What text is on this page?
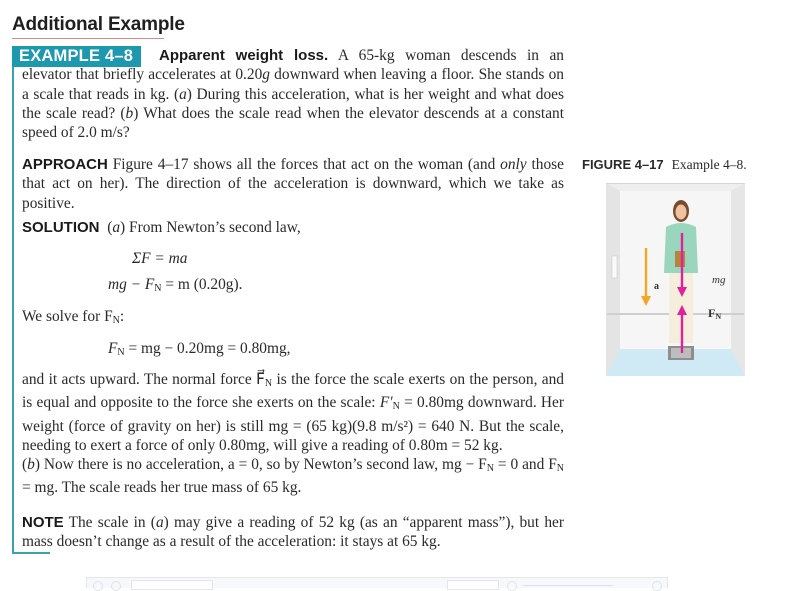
Additional Example
EXAMPLE 4–8	Apparent weight loss. A 65-kg woman descends in an elevator that briefly accelerates at 0.20g downward when leaving a floor. She stands on a scale that reads in kg. (a) During this acceleration, what is her weight and what does the scale read? (b) What does the scale read when the elevator descends at a constant speed of 2.0 m/s?

APPROACH Figure 4–17 shows all the forces that act on the woman (and only those that act on her). The direction of the acceleration is downward, which we take as positive.

SOLUTION  (a) From Newton’s second law,

ΣF = ma
mg − $F_N = m$ (0.20g).

We solve for $F_N$:

$F_N$ = mg − 0.20mg = 0.80mg,

and it acts upward. The normal force $F⃗_N$ is the force the scale exerts on the person, and is equal and opposite to the force she exerts on the scale: $F'_N = 0.80mg$ downward. Her weight (force of gravity on her) is still mg = (65 kg)(9.8 m/s²) = 640 N. But the scale, needing to exert a force of only 0.80mg, will give a reading of 0.80m = 52 kg.

(b) Now there is no acceleration, a = 0, so by Newton’s second law, mg − $F_N = 0$ and $F_N$ = mg. The scale reads her true mass of 65 kg.

NOTE The scale in (a) may give a reading of 52 kg (as an “apparent mass”), but her mass doesn’t change as a result of the acceleration: it stays at 65 kg.

FIGURE 4–17 Example 4–8.
a
mg
$F_N$
